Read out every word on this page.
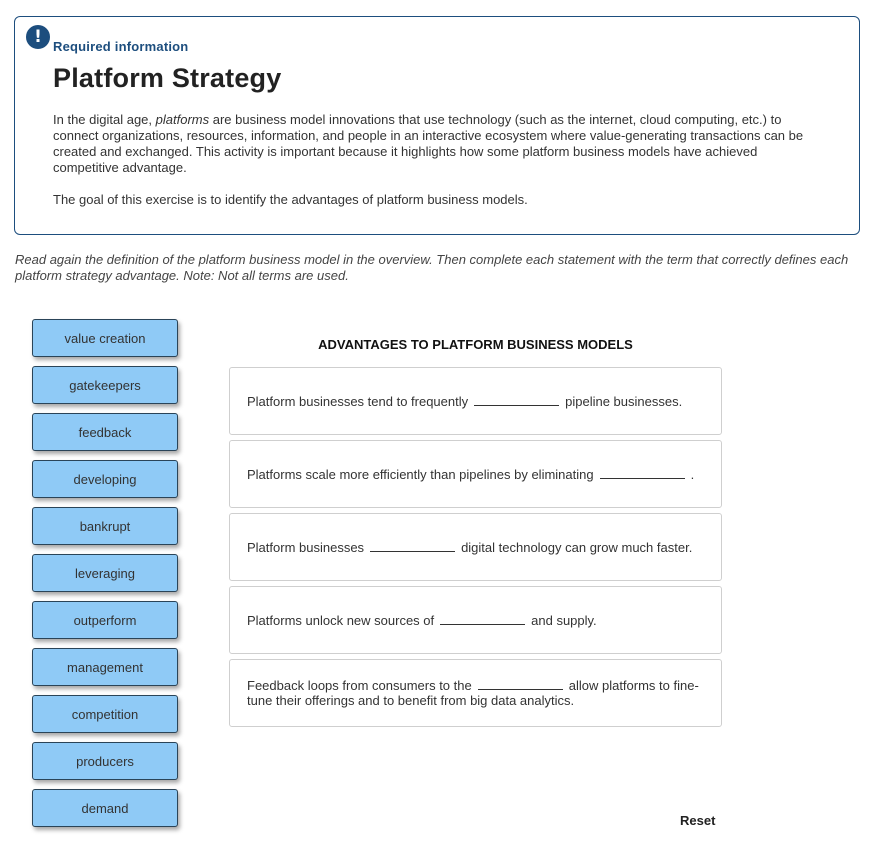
! Required information
Platform Strategy
In the digital age, platforms are business model innovations that use technology (such as the internet, cloud computing, etc.) to connect organizations, resources, information, and people in an interactive ecosystem where value-generating transactions can be created and exchanged. This activity is important because it highlights how some platform business models have achieved competitive advantage.
The goal of this exercise is to identify the advantages of platform business models.
Read again the definition of the platform business model in the overview. Then complete each statement with the term that correctly defines each platform strategy advantage. Note: Not all terms are used.
value creation
gatekeepers
feedback
developing
bankrupt
leveraging
outperform
management
competition
producers
demand
ADVANTAGES TO PLATFORM BUSINESS MODELS
Platform businesses tend to frequently	pipeline businesses.
Platforms scale more efficiently than pipelines by eliminating	.
Platform businesses	digital technology can grow much faster.
Platforms unlock new sources of	and supply.
Feedback loops from consumers to the	allow platforms to fine-tune their offerings and to benefit from big data analytics.
Reset
